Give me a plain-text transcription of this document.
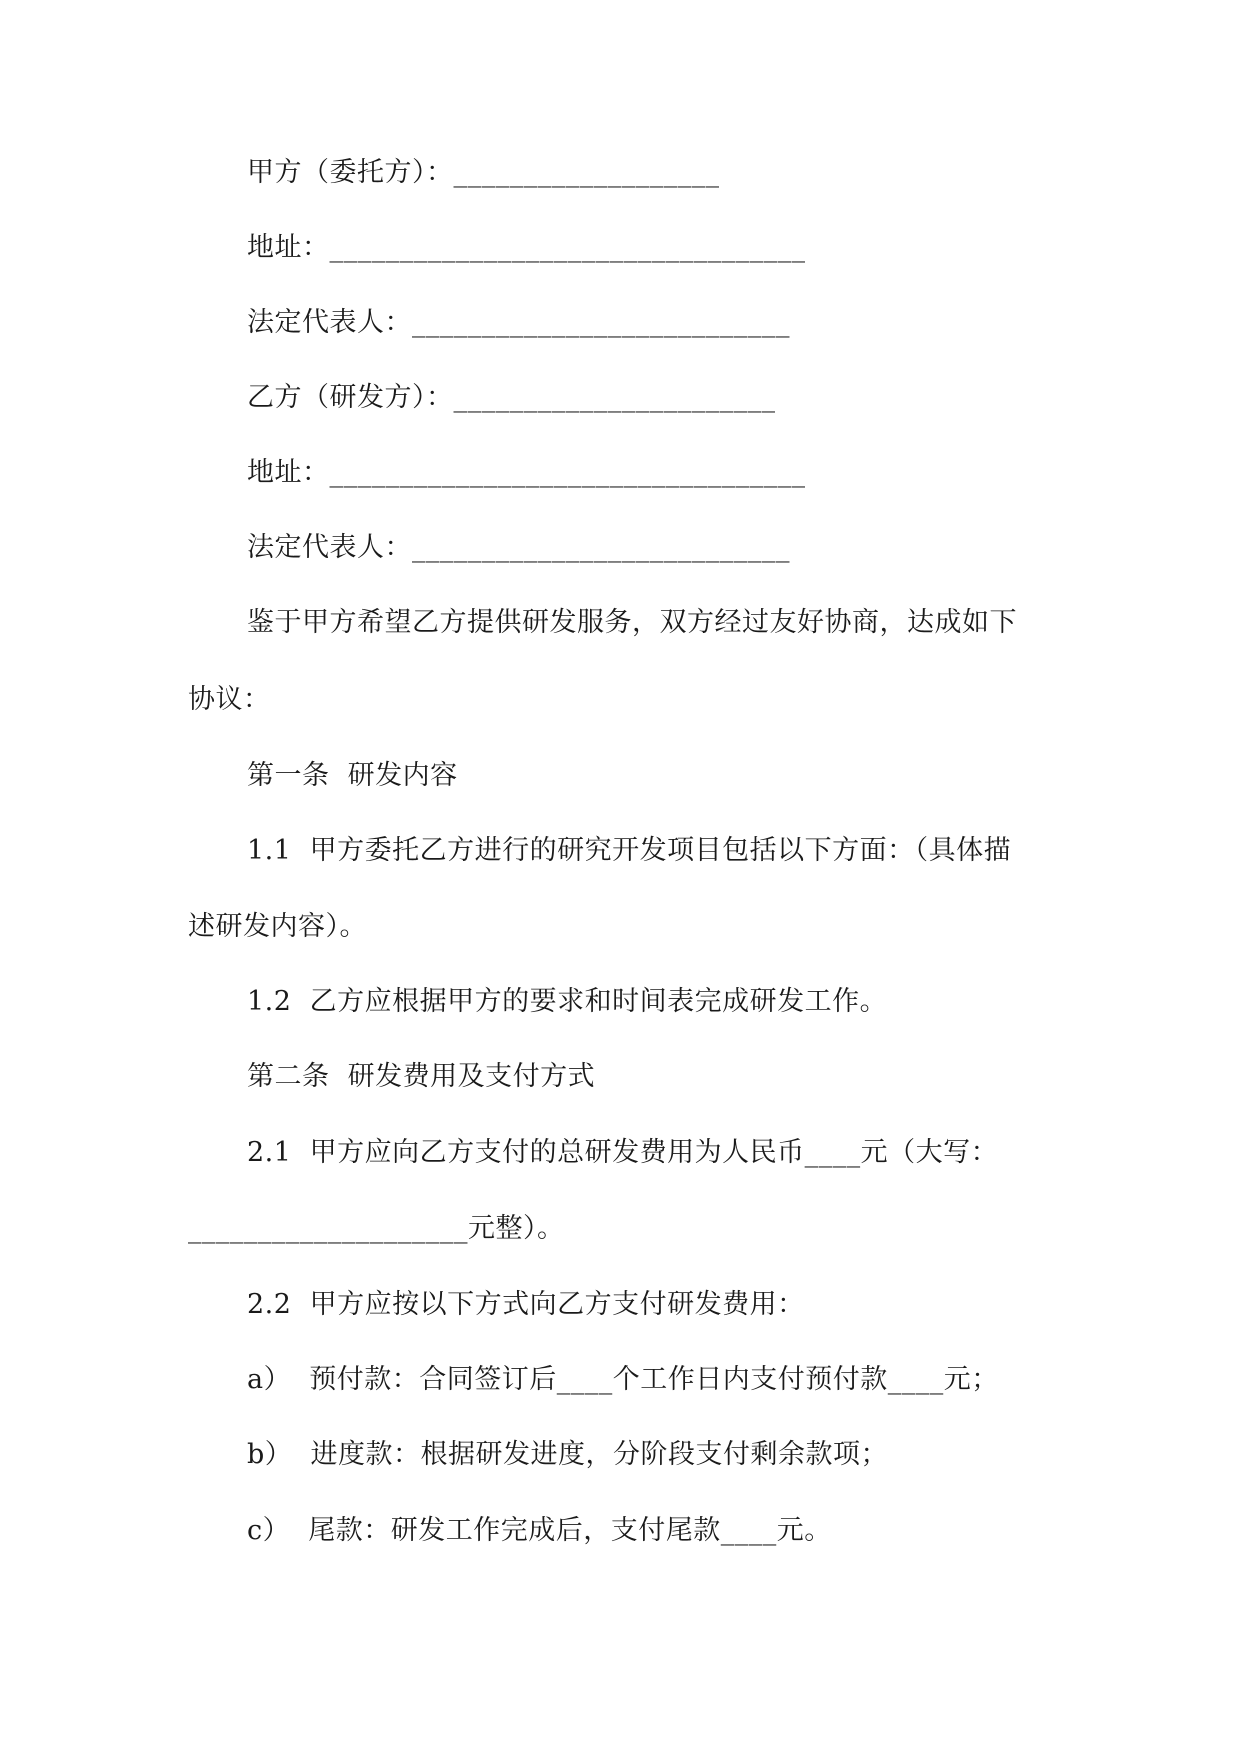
甲方（委托方）：___________________
地址：__________________________________
法定代表人：___________________________
乙方（研发方）：_______________________
地址：__________________________________
法定代表人：___________________________
鉴于甲方希望乙方提供研发服务，双方经过友好协商，达成如下
协议：
第一条  研发内容
1.1  甲方委托乙方进行的研究开发项目包括以下方面：（具体描
述研发内容）。
1.2  乙方应根据甲方的要求和时间表完成研发工作。
第二条  研发费用及支付方式
2.1  甲方应向乙方支付的总研发费用为人民币____元（大写：
____________________元整）。
2.2  甲方应按以下方式向乙方支付研发费用：
a）  预付款：合同签订后____个工作日内支付预付款____元；
b）  进度款：根据研发进度，分阶段支付剩余款项；
c）  尾款：研发工作完成后，支付尾款____元。
